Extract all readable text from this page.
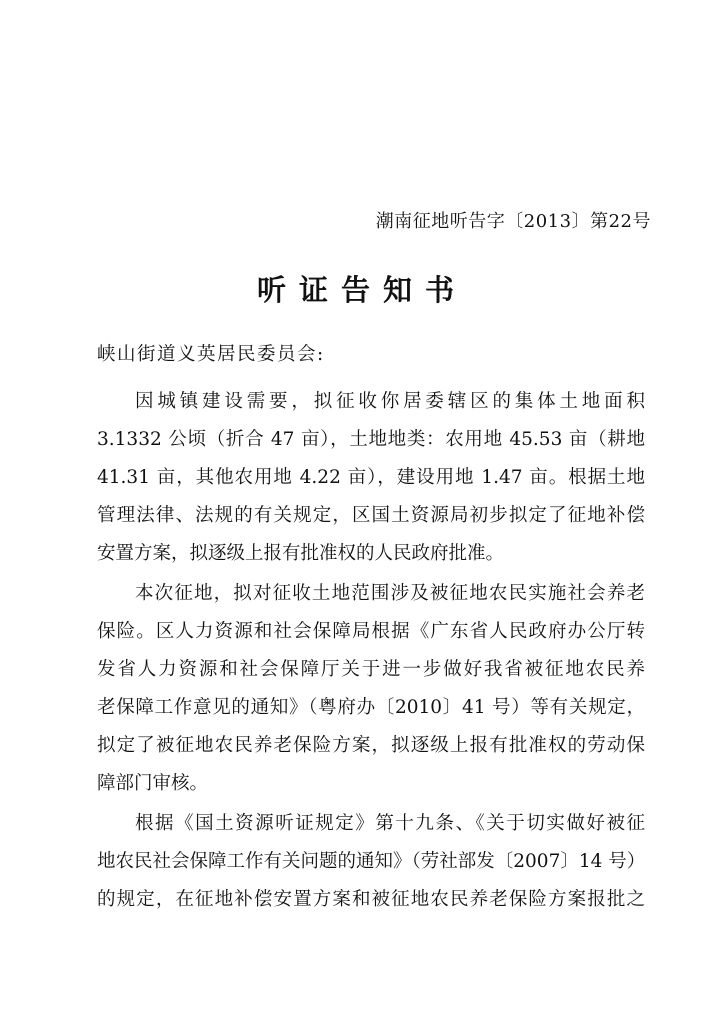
潮南征地听告字〔2013〕第22号
听证告知书
峡山街道义英居民委员会:
因城镇建设需要，拟征收你居委辖区的集体土地面积
3.1332 公顷（折合 47 亩），土地地类：农用地 45.53 亩（耕地
41.31 亩，其他农用地 4.22 亩），建设用地 1.47 亩。根据土地
管理法律、法规的有关规定，区国土资源局初步拟定了征地补偿
安置方案，拟逐级上报有批准权的人民政府批准。
本次征地，拟对征收土地范围涉及被征地农民实施社会养老
保险。区人力资源和社会保障局根据《广东省人民政府办公厅转
发省人力资源和社会保障厅关于进一步做好我省被征地农民养
老保障工作意见的通知》（粤府办〔2010〕41 号）等有关规定，
拟定了被征地农民养老保险方案，拟逐级上报有批准权的劳动保
障部门审核。
根据《国土资源听证规定》第十九条、《关于切实做好被征
地农民社会保障工作有关问题的通知》（劳社部发〔2007〕14 号）
的规定，在征地补偿安置方案和被征地农民养老保险方案报批之
